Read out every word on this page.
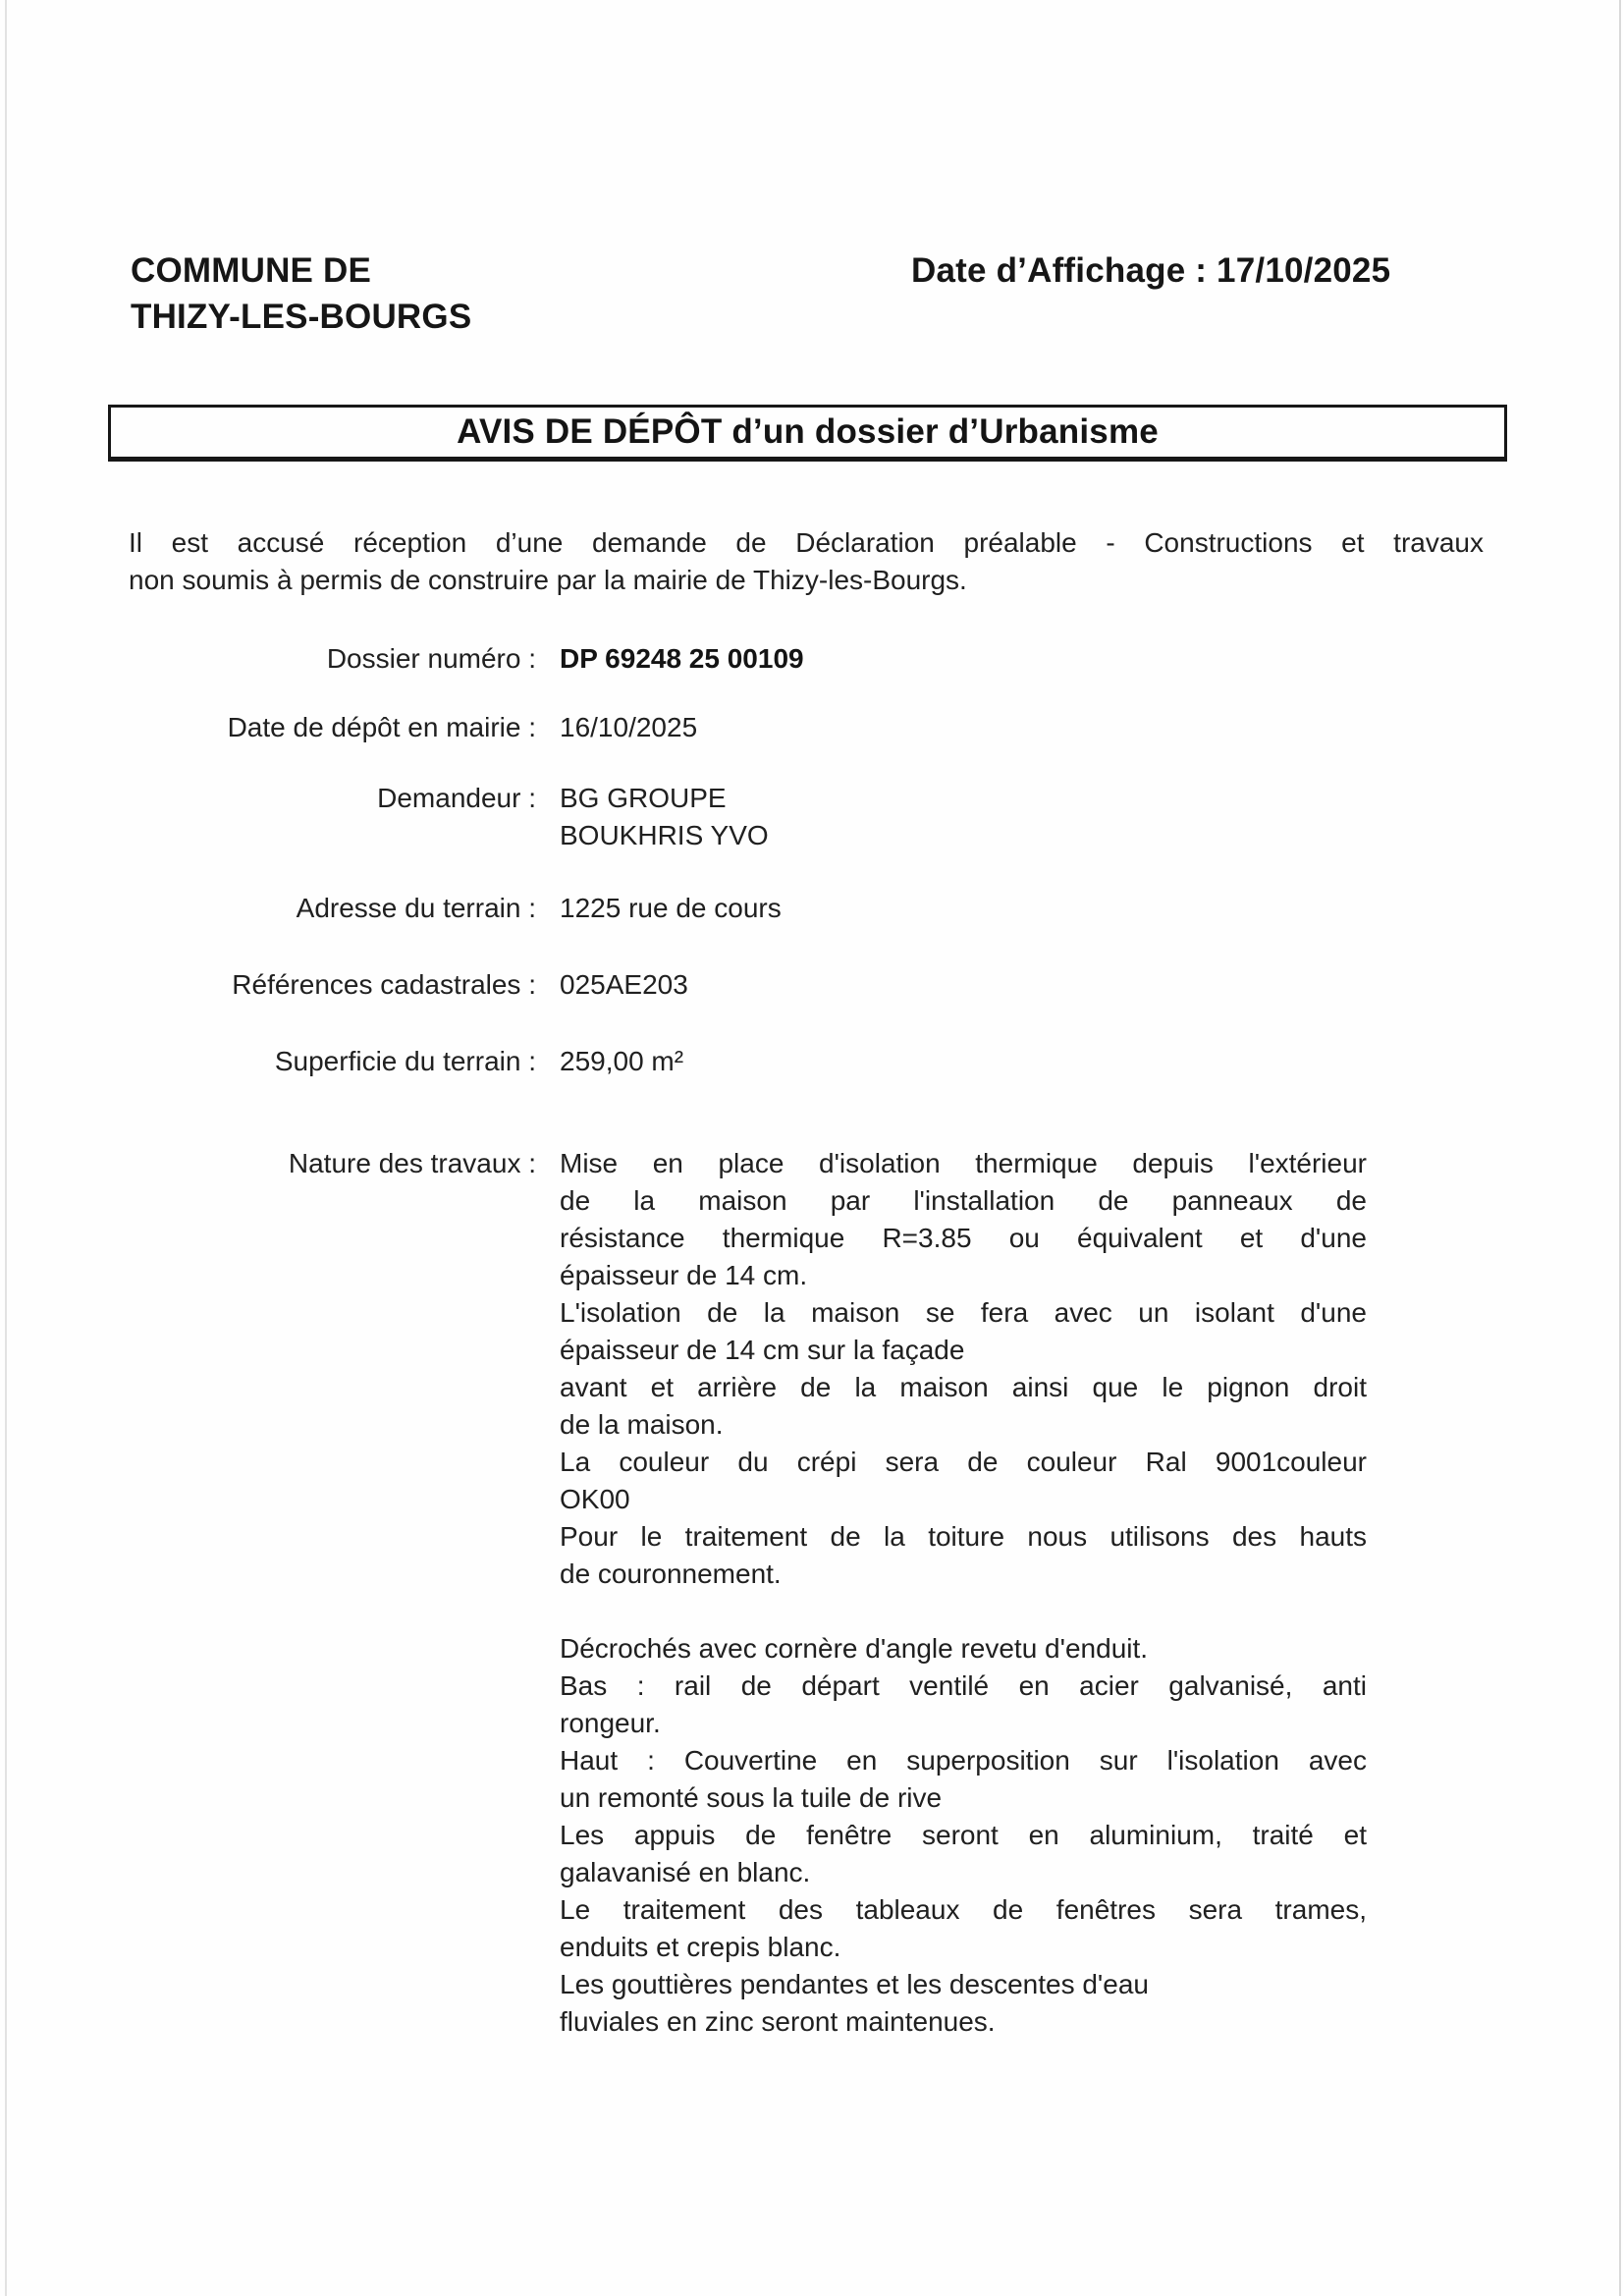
COMMUNE DE
THIZY-LES-BOURGS
Date d’Affichage : 17/10/2025
AVIS DE DÉPÔT d’un dossier d’Urbanisme
Il est accusé réception d’une demande de Déclaration préalable - Constructions et travaux
non soumis à permis de construire par la mairie de Thizy-les-Bourgs.
Dossier numéro : DP 69248 25 00109
Date de dépôt en mairie : 16/10/2025
Demandeur : BG GROUPE
BOUKHRIS YVO
Adresse du terrain : 1225 rue de cours
Références cadastrales : 025AE203
Superficie du terrain : 259,00 m²
Nature des travaux : Mise en place d'isolation thermique depuis l'extérieur
de la maison par l'installation de panneaux de
résistance thermique R=3.85 ou équivalent et d'une
épaisseur de 14 cm.
L'isolation de la maison se fera avec un isolant d'une
épaisseur de 14 cm sur la façade
avant et arrière de la maison ainsi que le pignon droit
de la maison.
La couleur du crépi sera de couleur Ral 9001couleur
OK00
Pour le traitement de la toiture nous utilisons des hauts
de couronnement.

Décrochés avec cornère d'angle revetu d'enduit.
Bas : rail de départ ventilé en acier galvanisé, anti
rongeur.
Haut : Couvertine en superposition sur l'isolation avec
un remonté sous la tuile de rive
Les appuis de fenêtre seront en aluminium, traité et
galavanisé en blanc.
Le traitement des tableaux de fenêtres sera trames,
enduits et crepis blanc.
Les gouttières pendantes et les descentes d'eau
fluviales en zinc seront maintenues.
